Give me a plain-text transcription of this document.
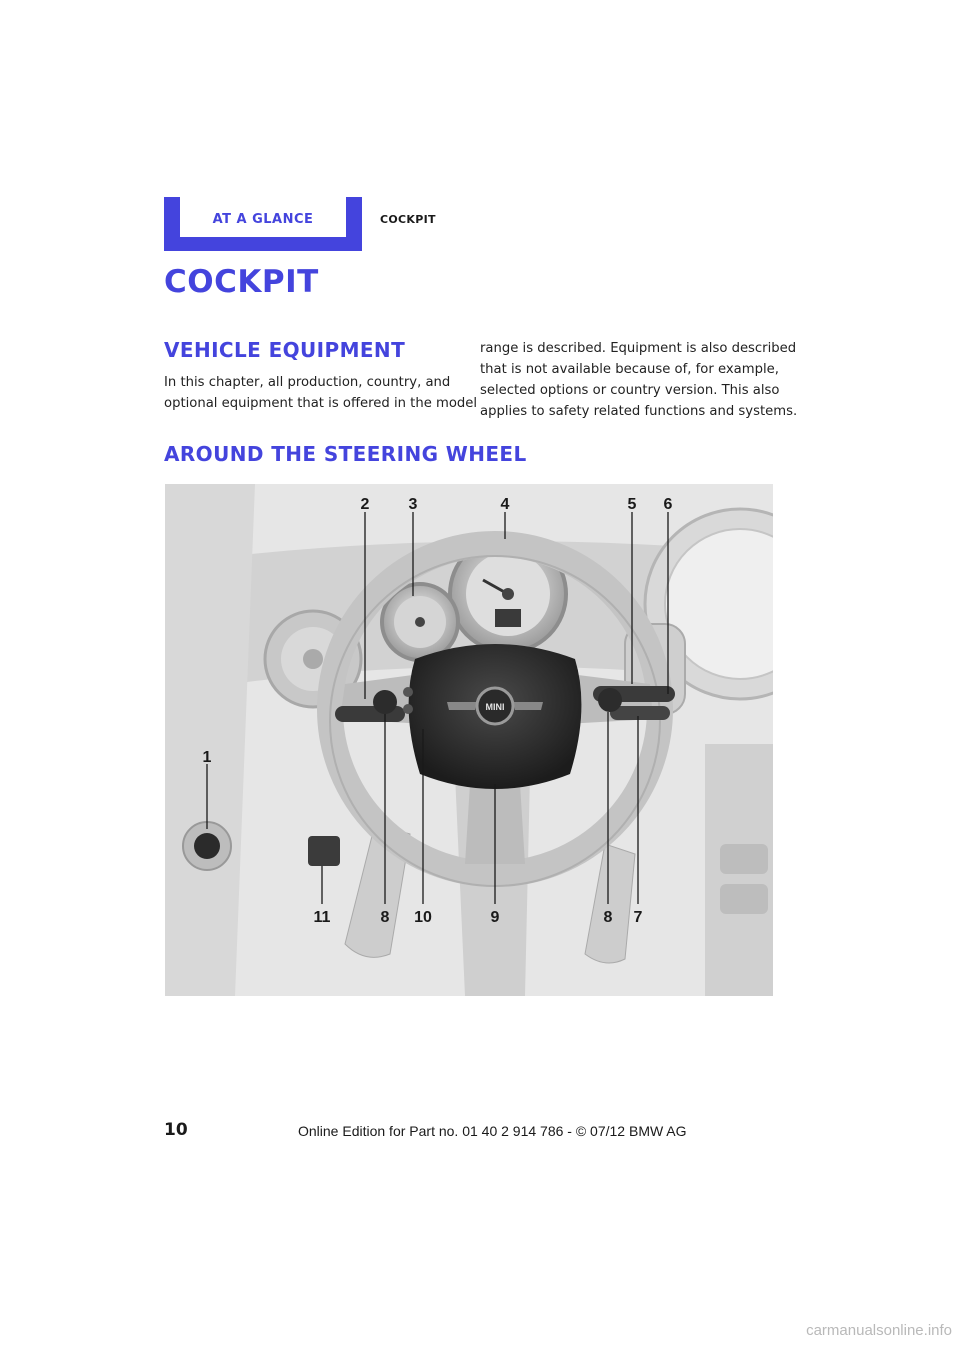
AT A GLANCE	COCKPIT
COCKPIT
VEHICLE EQUIPMENT
In this chapter, all production, country, and
optional equipment that is offered in the model
range is described. Equipment is also described
that is not available because of, for example,
selected options or country version. This also
applies to safety related functions and systems.
AROUND THE STEERING WHEEL
MINI
1
2 3	4	5 6
7
8	8
9
10
11
10	Online Edition for Part no. 01 40 2 914 786 - © 07/12 BMW AG
carmanualsonline.info
